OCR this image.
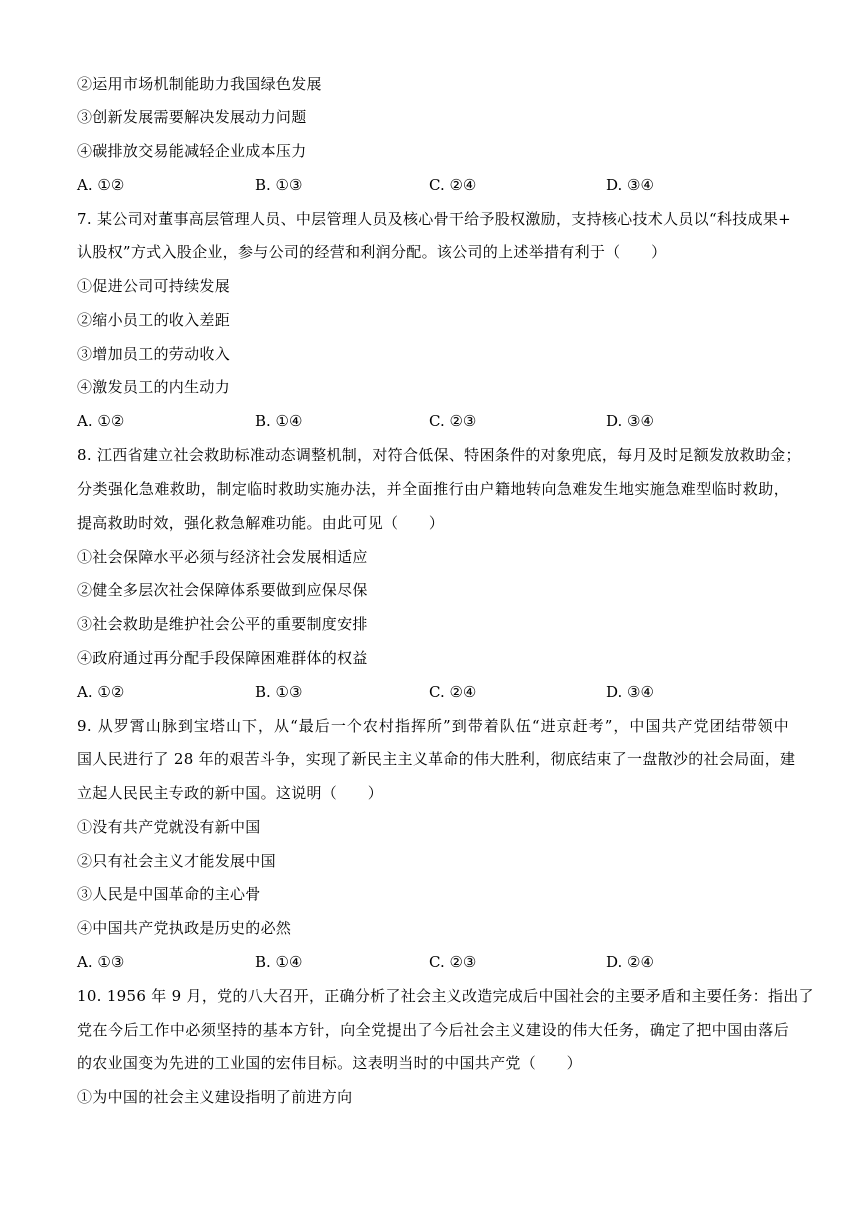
②运用市场机制能助力我国绿色发展
③创新发展需要解决发展动力问题
④碳排放交易能减轻企业成本压力
A. ①②	B. ①③	C. ②④	D. ③④
7. 某公司对董事高层管理人员、中层管理人员及核心骨干给予股权激励，支持核心技术人员以“科技成果+
认股权”方式入股企业，参与公司的经营和利润分配。该公司的上述举措有利于（　　）
①促进公司可持续发展
②缩小员工的收入差距
③增加员工的劳动收入
④激发员工的内生动力
A. ①②	B. ①④	C. ②③	D. ③④
8. 江西省建立社会救助标准动态调整机制，对符合低保、特困条件的对象兜底，每月及时足额发放救助金；
分类强化急难救助，制定临时救助实施办法，并全面推行由户籍地转向急难发生地实施急难型临时救助，
提高救助时效，强化救急解难功能。由此可见（　　）
①社会保障水平必须与经济社会发展相适应
②健全多层次社会保障体系要做到应保尽保
③社会救助是维护社会公平的重要制度安排
④政府通过再分配手段保障困难群体的权益
A. ①②	B. ①③	C. ②④	D. ③④
9. 从罗霄山脉到宝塔山下，从“最后一个农村指挥所”到带着队伍“进京赶考”，中国共产党团结带领中
国人民进行了 28 年的艰苦斗争，实现了新民主主义革命的伟大胜利，彻底结束了一盘散沙的社会局面，建
立起人民民主专政的新中国。这说明（　　）
①没有共产党就没有新中国
②只有社会主义才能发展中国
③人民是中国革命的主心骨
④中国共产党执政是历史的必然
A. ①③	B. ①④	C. ②③	D. ②④
10. 1956 年 9 月，党的八大召开，正确分析了社会主义改造完成后中国社会的主要矛盾和主要任务：指出了
党在今后工作中必须坚持的基本方针，向全党提出了今后社会主义建设的伟大任务，确定了把中国由落后
的农业国变为先进的工业国的宏伟目标。这表明当时的中国共产党（　　）
①为中国的社会主义建设指明了前进方向
